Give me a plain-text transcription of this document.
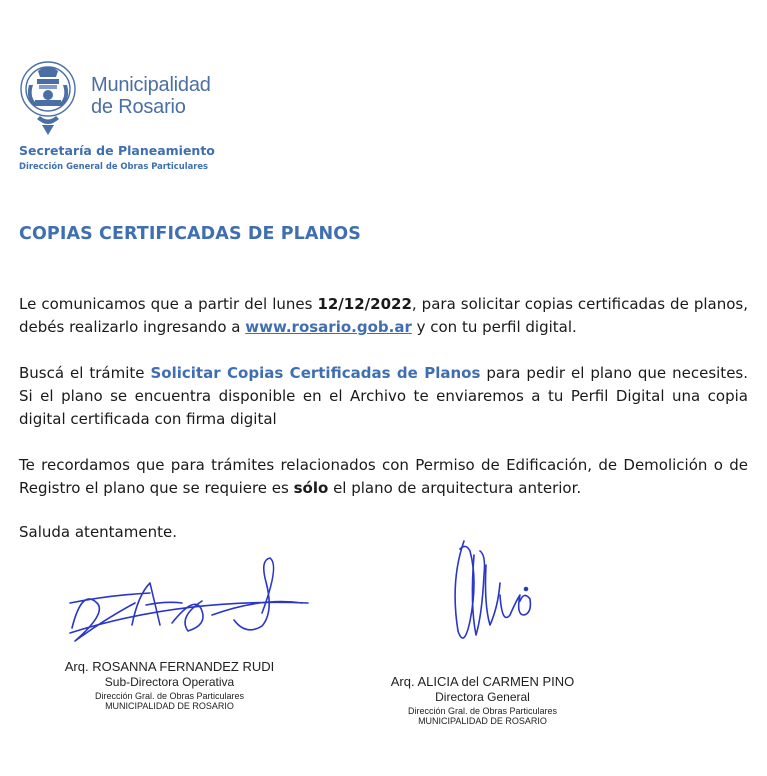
Municipalidad
de Rosario
Secretaría de Planeamiento
Dirección General de Obras Particulares
COPIAS CERTIFICADAS DE PLANOS
Le comunicamos que a partir del lunes 12/12/2022, para solicitar copias certificadas de planos, debés realizarlo ingresando a www.rosario.gob.ar y con tu perfil digital.
Buscá el trámite Solicitar Copias Certificadas de Planos para pedir el plano que necesites. Si el plano se encuentra disponible en el Archivo te enviaremos a tu Perfil Digital una copia digital certificada con firma digital
Te recordamos que para trámites relacionados con Permiso de Edificación, de Demolición o de Registro el plano que se requiere es sólo el plano de arquitectura anterior.
Saluda atentamente.
Arq. ROSANNA FERNANDEZ RUDI
Sub-Directora Operativa
Dirección Gral. de Obras Particulares
MUNICIPALIDAD DE ROSARIO
Arq. ALICIA del CARMEN PINO
Directora General
Dirección Gral. de Obras Particulares
MUNICIPALIDAD DE ROSARIO
